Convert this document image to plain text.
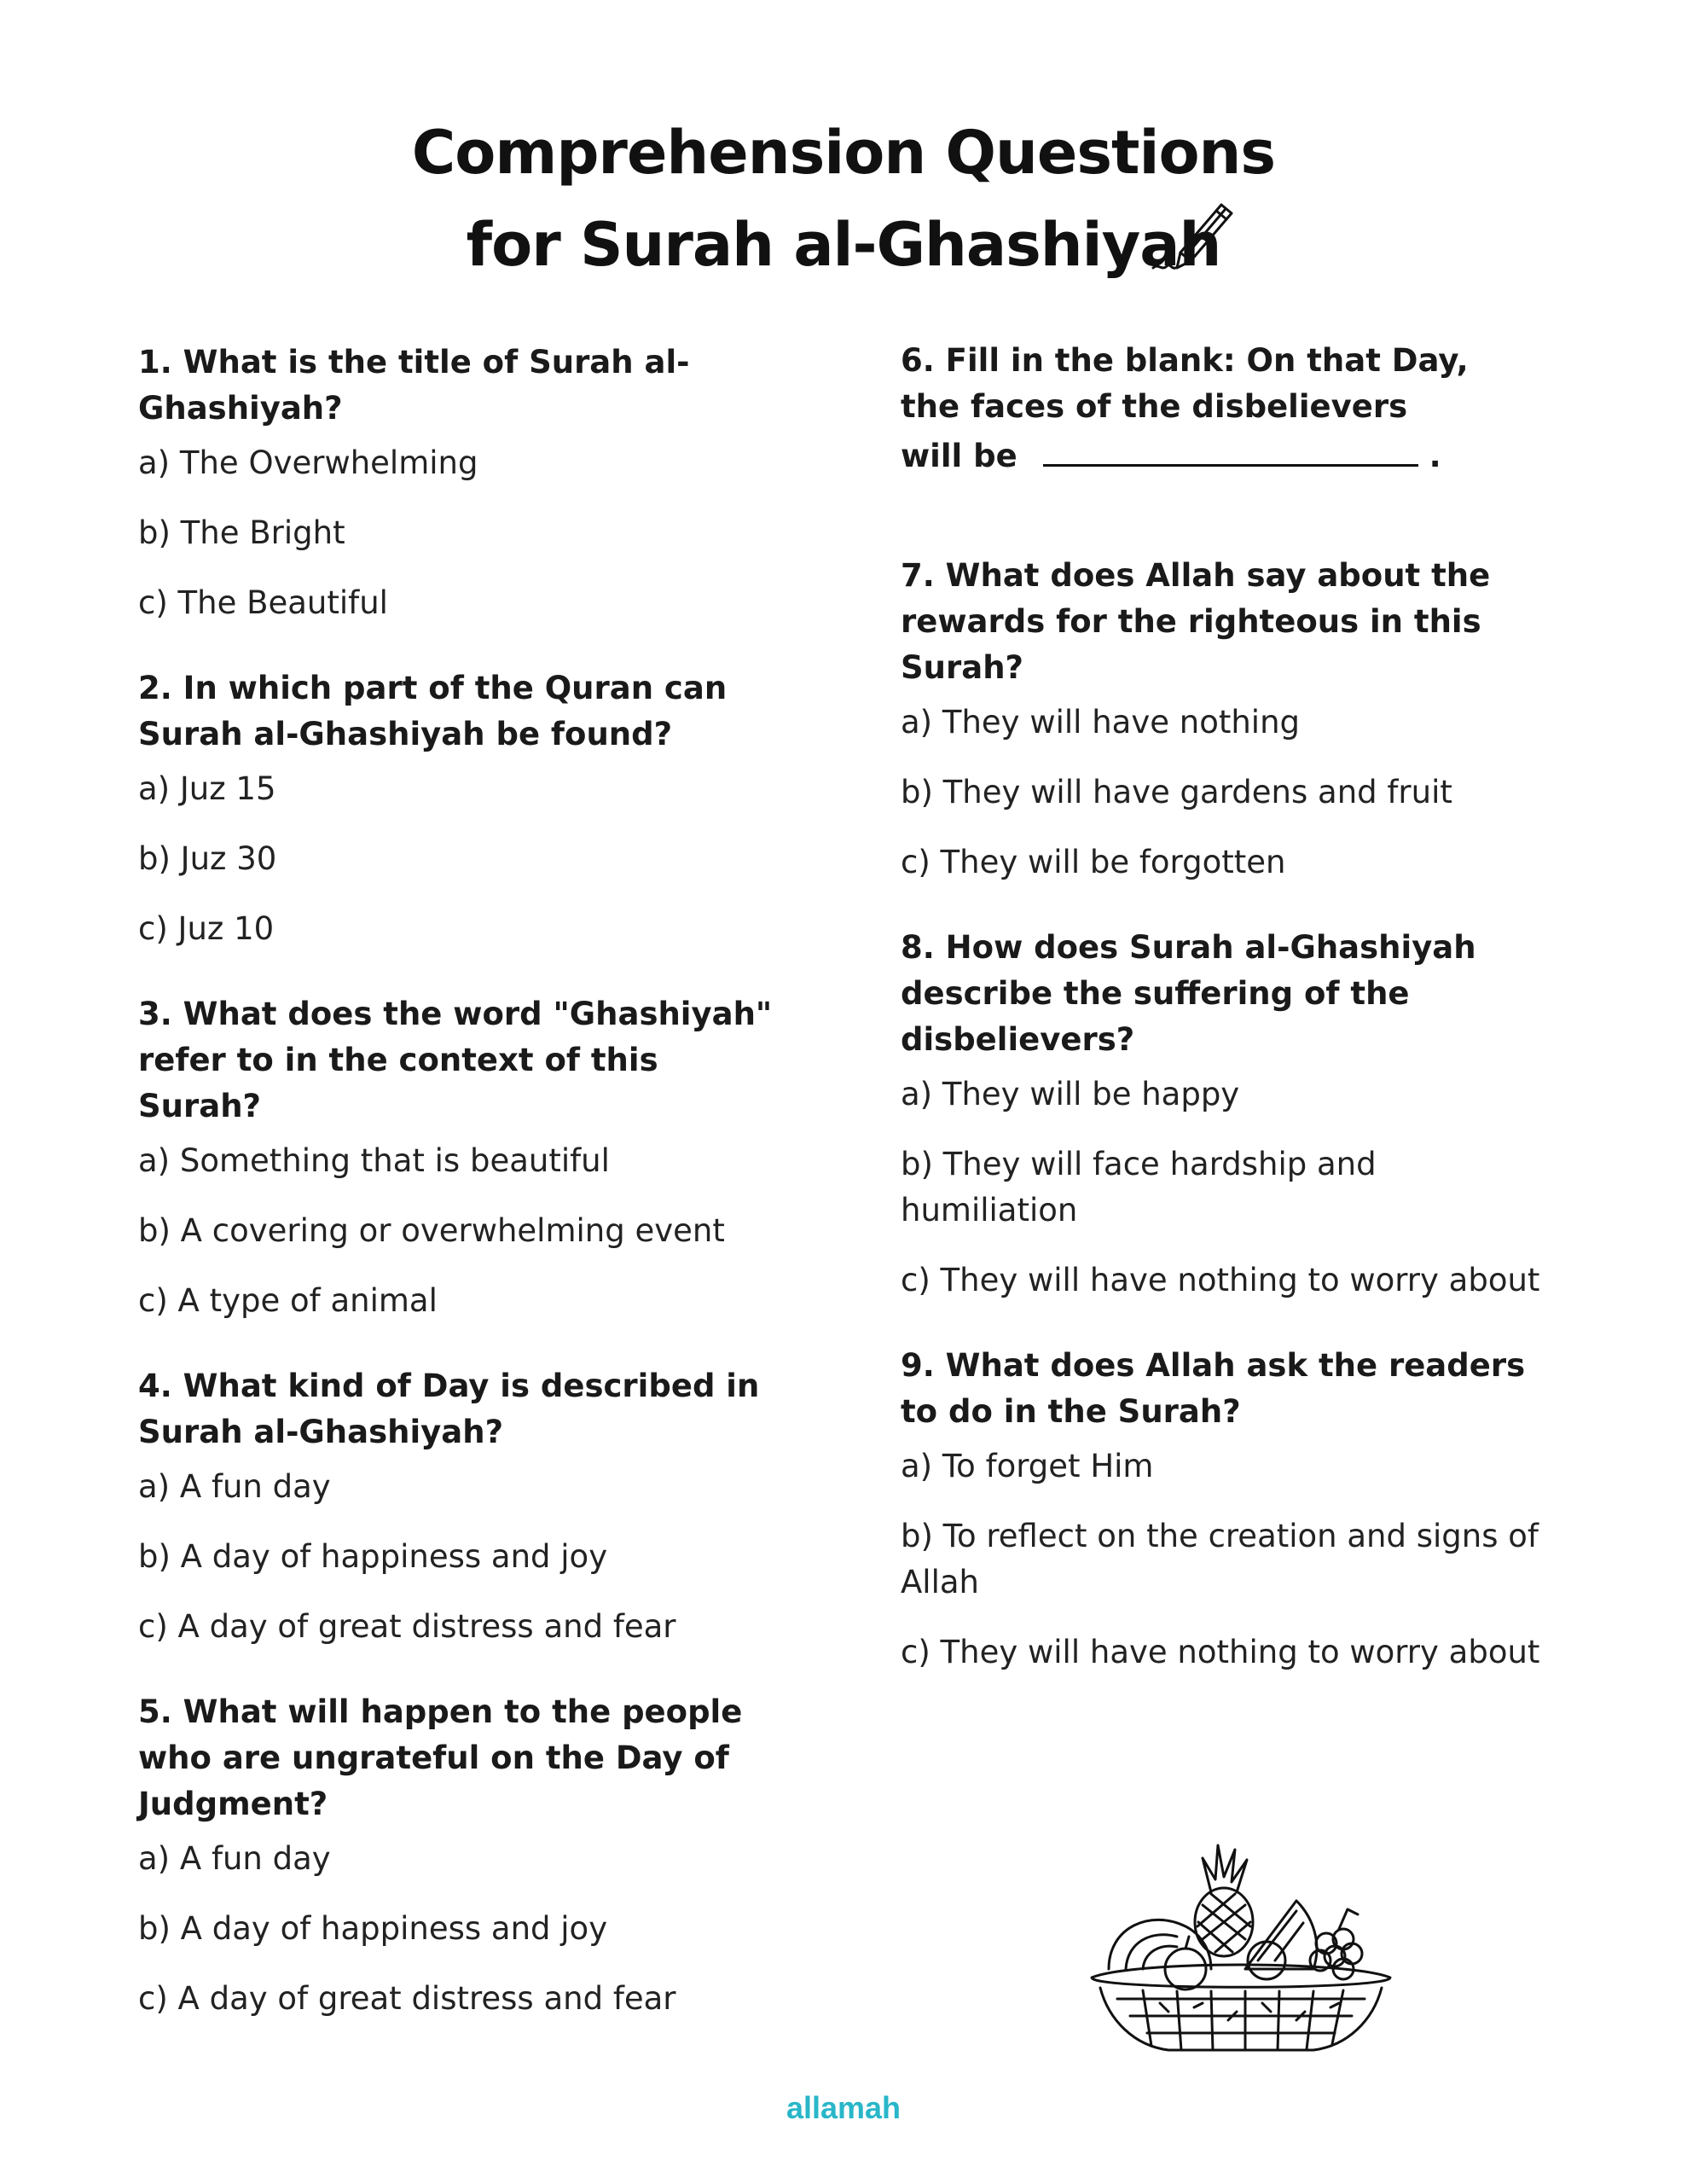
Comprehension Questions
for Surah al-Ghashiyah
1. What is the title of Surah al-Ghashiyah?
a) The Overwhelming
b) The Bright
c) The Beautiful
2. In which part of the Quran can Surah al-Ghashiyah be found?
a) Juz 15
b) Juz 30
c) Juz 10
3. What does the word "Ghashiyah" refer to in the context of this Surah?
a) Something that is beautiful
b) A covering or overwhelming event
c) A type of animal
4. What kind of Day is described in Surah al-Ghashiyah?
a) A fun day
b) A day of happiness and joy
c) A day of great distress and fear
5. What will happen to the people who are ungrateful on the Day of Judgment?
a) A fun day
b) A day of happiness and joy
c) A day of great distress and fear
6. Fill in the blank: On that Day,
the faces of the disbelievers
will be	.
7. What does Allah say about the rewards for the righteous in this Surah?
a) They will have nothing
b) They will have gardens and fruit
c) They will be forgotten
8. How does Surah al-Ghashiyah describe the suffering of the disbelievers?
a) They will be happy
b) They will face hardship and humiliation
c) They will have nothing to worry about
9. What does Allah ask the readers to do in the Surah?
a) To forget Him
b) To reflect on the creation and signs of Allah
c) They will have nothing to worry about
allamah
